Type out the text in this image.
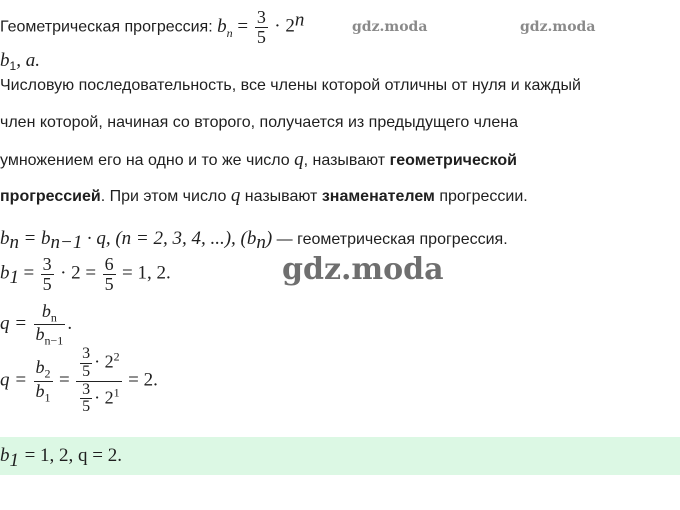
gdz.moda	gdz.moda
gdz.moda
Геометрическая прогрессия: $b_n = \frac{3}{5} \cdot 2^n$
$b_1$, a.
Числовую последовательность, все члены которой отличны от нуля и каждый
член которой, начиная со второго, получается из предыдущего члена
умножением его на одно и то же число q, называют геометрической
прогрессией. При этом число q называют знаменателем прогрессии.
$b_n = b_{n-1} \cdot q$, (n = 2, 3, 4, ...), $(b_n)$ — геометрическая прогрессия.
$b_1 = \frac{3}{5} \cdot 2 = \frac{6}{5} = 1$, 2.
$q = \frac{b_n}{b_{n-1}}$ .
$q = \frac{b_2}{b_1} = \frac{\frac{3}{5} \cdot 2^2}{\frac{3}{5} \cdot 2^1} = 2$.
$b_1 = 1$, 2, q = 2.
